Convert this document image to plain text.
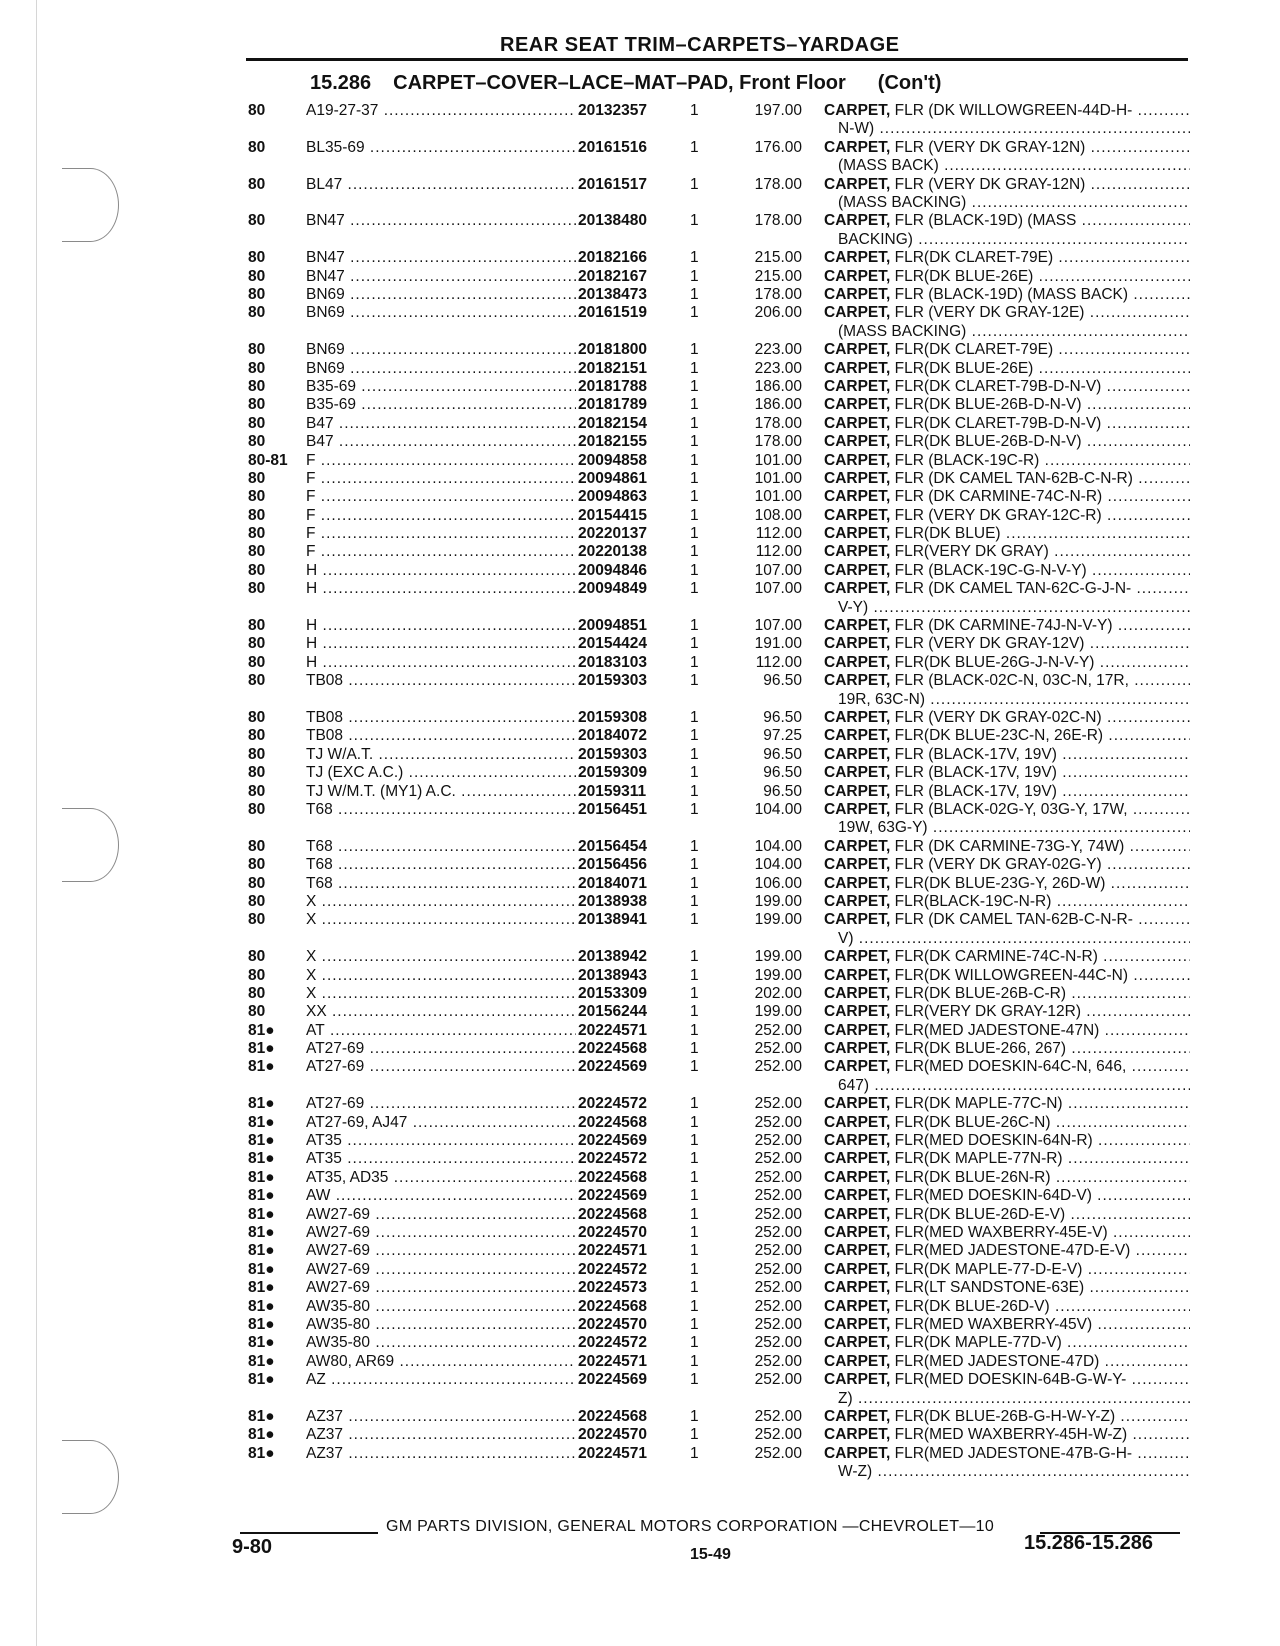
REAR SEAT TRIM–CARPETS–YARDAGE
15.286 CARPET–COVER–LACE–MAT–PAD, Front Floor (Con't)
80	A19-27-37 .....	20132357	1	197.00 CARPET, FLR (DK WILLOWGREEN-44D-H- .....
N-W) .....
80	BL35-69 .....	20161516	1	176.00 CARPET, FLR (VERY DK GRAY-12N) .....
(MASS BACK) .....
80	BL47 .....	20161517	1	178.00 CARPET, FLR (VERY DK GRAY-12N) .....
(MASS BACKING) .....
80	BN47 .....	20138480	1	178.00 CARPET, FLR (BLACK-19D) (MASS .....
BACKING) .....
80	BN47 .....	20182166	1	215.00 CARPET, FLR(DK CLARET-79E) .....
80	BN47 .....	20182167	1	215.00 CARPET, FLR(DK BLUE-26E) .....
80	BN69 .....	20138473	1	178.00 CARPET, FLR (BLACK-19D) (MASS BACK) .....
80	BN69 .....	20161519	1	206.00 CARPET, FLR (VERY DK GRAY-12E) .....
(MASS BACKING) .....
80	BN69 .....	20181800	1	223.00 CARPET, FLR(DK CLARET-79E) .....
80	BN69 .....	20182151	1	223.00 CARPET, FLR(DK BLUE-26E) .....
80	B35-69 .....	20181788	1	186.00 CARPET, FLR(DK CLARET-79B-D-N-V) .....
80	B35-69 .....	20181789	1	186.00 CARPET, FLR(DK BLUE-26B-D-N-V) .....
80	B47 .....	20182154	1	178.00 CARPET, FLR(DK CLARET-79B-D-N-V) .....
80	B47 .....	20182155	1	178.00 CARPET, FLR(DK BLUE-26B-D-N-V) .....
80-81	F .....	20094858	1	101.00 CARPET, FLR (BLACK-19C-R) .....
80	F .....	20094861	1	101.00 CARPET, FLR (DK CAMEL TAN-62B-C-N-R) .....
80	F .....	20094863	1	101.00 CARPET, FLR (DK CARMINE-74C-N-R) .....
80	F .....	20154415	1	108.00 CARPET, FLR (VERY DK GRAY-12C-R) .....
80	F .....	20220137	1	112.00 CARPET, FLR(DK BLUE) .....
80	F .....	20220138	1	112.00 CARPET, FLR(VERY DK GRAY) .....
80	H .....	20094846	1	107.00 CARPET, FLR (BLACK-19C-G-N-V-Y) .....
80	H .....	20094849	1	107.00 CARPET, FLR (DK CAMEL TAN-62C-G-J-N- .....
V-Y) .....
80	H .....	20094851	1	107.00 CARPET, FLR (DK CARMINE-74J-N-V-Y) .....
80	H .....	20154424	1	191.00 CARPET, FLR (VERY DK GRAY-12V) .....
80	H .....	20183103	1	112.00 CARPET, FLR(DK BLUE-26G-J-N-V-Y) .....
80	TB08 .....	20159303	1	96.50 CARPET, FLR (BLACK-02C-N, 03C-N, 17R, .....
19R, 63C-N) .....
80	TB08 .....	20159308	1	96.50 CARPET, FLR (VERY DK GRAY-02C-N) .....
80	TB08 .....	20184072	1	97.25 CARPET, FLR(DK BLUE-23C-N, 26E-R) .....
80	TJ W/A.T. .....	20159303	1	96.50 CARPET, FLR (BLACK-17V, 19V) .....
80	TJ (EXC A.C.) .....	20159309	1	96.50 CARPET, FLR (BLACK-17V, 19V) .....
80	TJ W/M.T. (MY1) A.C. .....	20159311	1	96.50 CARPET, FLR (BLACK-17V, 19V) .....
80	T68 .....	20156451	1	104.00 CARPET, FLR (BLACK-02G-Y, 03G-Y, 17W, .....
19W, 63G-Y) .....
80	T68 .....	20156454	1	104.00 CARPET, FLR (DK CARMINE-73G-Y, 74W) .....
80	T68 .....	20156456	1	104.00 CARPET, FLR (VERY DK GRAY-02G-Y) .....
80	T68 .....	20184071	1	106.00 CARPET, FLR(DK BLUE-23G-Y, 26D-W) .....
80	X .....	20138938	1	199.00 CARPET, FLR(BLACK-19C-N-R) .....
80	X .....	20138941	1	199.00 CARPET, FLR (DK CAMEL TAN-62B-C-N-R- .....
V) .....
80	X .....	20138942	1	199.00 CARPET, FLR(DK CARMINE-74C-N-R) .....
80	X .....	20138943	1	199.00 CARPET, FLR(DK WILLOWGREEN-44C-N) .....
80	X .....	20153309	1	202.00 CARPET, FLR(DK BLUE-26B-C-R) .....
80	XX .....	20156244	1	199.00 CARPET, FLR(VERY DK GRAY-12R) .....
81●	AT .....	20224571	1	252.00 CARPET, FLR(MED JADESTONE-47N) .....
81●	AT27-69 .....	20224568	1	252.00 CARPET, FLR(DK BLUE-266, 267) .....
81●	AT27-69 .....	20224569	1	252.00 CARPET, FLR(MED DOESKIN-64C-N, 646, .....
647) .....
81●	AT27-69 .....	20224572	1	252.00 CARPET, FLR(DK MAPLE-77C-N) .....
81●	AT27-69, AJ47 .....	20224568	1	252.00 CARPET, FLR(DK BLUE-26C-N) .....
81●	AT35 .....	20224569	1	252.00 CARPET, FLR(MED DOESKIN-64N-R) .....
81●	AT35 .....	20224572	1	252.00 CARPET, FLR(DK MAPLE-77N-R) .....
81●	AT35, AD35 .....	20224568	1	252.00 CARPET, FLR(DK BLUE-26N-R) .....
81●	AW .....	20224569	1	252.00 CARPET, FLR(MED DOESKIN-64D-V) .....
81●	AW27-69 .....	20224568	1	252.00 CARPET, FLR(DK BLUE-26D-E-V) .....
81●	AW27-69 .....	20224570	1	252.00 CARPET, FLR(MED WAXBERRY-45E-V) .....
81●	AW27-69 .....	20224571	1	252.00 CARPET, FLR(MED JADESTONE-47D-E-V) .....
81●	AW27-69 .....	20224572	1	252.00 CARPET, FLR(DK MAPLE-77-D-E-V) .....
81●	AW27-69 .....	20224573	1	252.00 CARPET, FLR(LT SANDSTONE-63E) .....
81●	AW35-80 .....	20224568	1	252.00 CARPET, FLR(DK BLUE-26D-V) .....
81●	AW35-80 .....	20224570	1	252.00 CARPET, FLR(MED WAXBERRY-45V) .....
81●	AW35-80 .....	20224572	1	252.00 CARPET, FLR(DK MAPLE-77D-V) .....
81●	AW80, AR69 .....	20224571	1	252.00 CARPET, FLR(MED JADESTONE-47D) .....
81●	AZ .....	20224569	1	252.00 CARPET, FLR(MED DOESKIN-64B-G-W-Y- .....
Z) .....
81●	AZ37 .....	20224568	1	252.00 CARPET, FLR(DK BLUE-26B-G-H-W-Y-Z) .....
81●	AZ37 .....	20224570	1	252.00 CARPET, FLR(MED WAXBERRY-45H-W-Z) .....
81●	AZ37 .....	20224571	1	252.00 CARPET, FLR(MED JADESTONE-47B-G-H- .....
W-Z) .....
GM PARTS DIVISION, GENERAL MOTORS CORPORATION —CHEVROLET—10
9-80	15-49
15.286-15.286
